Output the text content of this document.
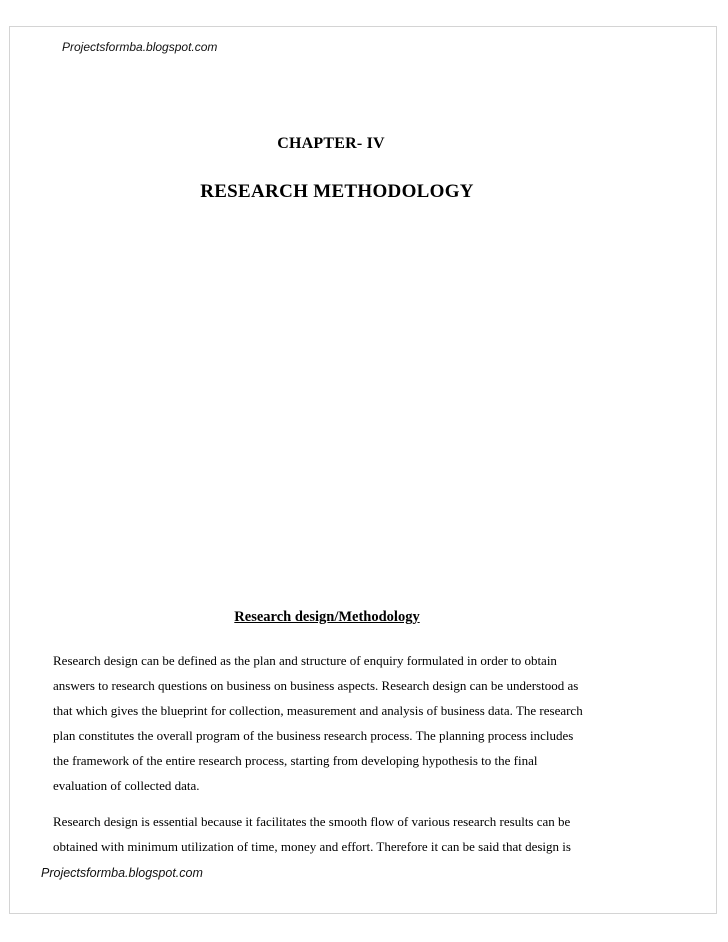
Projectsformba.blogspot.com
CHAPTER- IV
RESEARCH METHODOLOGY
Research design/Methodology

Research design can be defined as the plan and structure of enquiry formulated in order to obtain
answers to research questions on business on business aspects. Research design can be understood as
that which gives the blueprint for collection, measurement and analysis of business data. The research
plan constitutes the overall program of the business research process. The planning process includes
the framework of the entire research process, starting from developing hypothesis to the final
evaluation of collected data.

Research design is essential because it facilitates the smooth flow of various research results can be
obtained with minimum utilization of time, money and effort. Therefore it can be said that design is

Projectsformba.blogspot.com
